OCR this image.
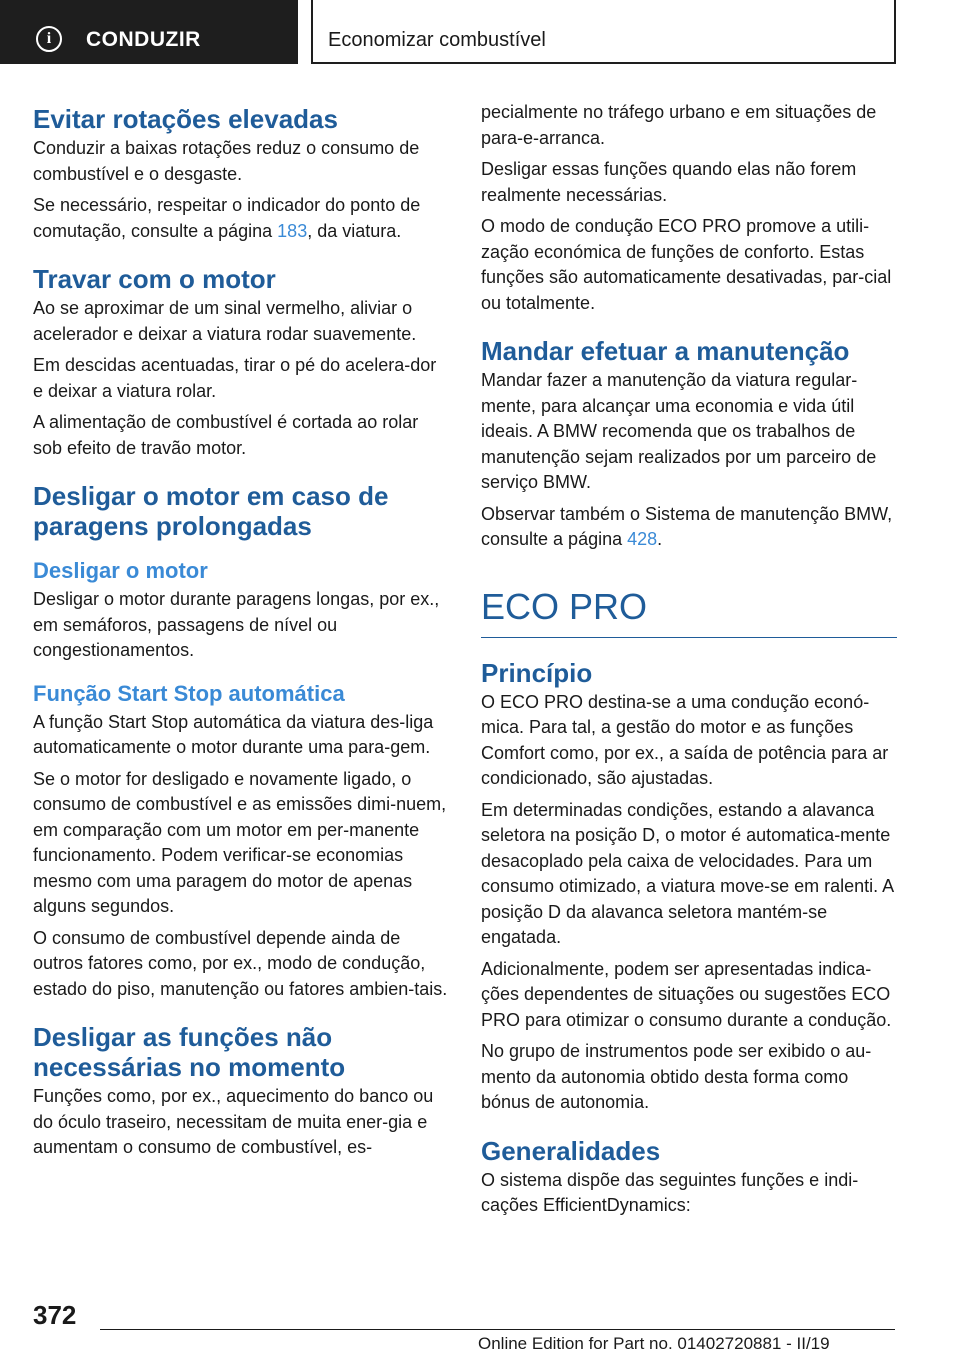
i	CONDUZIR	Economizar combustível
Evitar rotações elevadas

Conduzir a baixas rotações reduz o consumo de combustível e o desgaste.

Se necessário, respeitar o indicador do ponto de comutação, consulte a página 183, da viatura.

Travar com o motor

Ao se aproximar de um sinal vermelho, aliviar o acelerador e deixar a viatura rodar suavemente.

Em descidas acentuadas, tirar o pé do acelera-dor e deixar a viatura rolar.

A alimentação de combustível é cortada ao rolar sob efeito de travão motor.

Desligar o motor em caso de paragens prolongadas
Desligar o motor

Desligar o motor durante paragens longas, por ex., em semáforos, passagens de nível ou congestionamentos.

Função Start Stop automática

A função Start Stop automática da viatura des-liga automaticamente o motor durante uma para-gem.

Se o motor for desligado e novamente ligado, o consumo de combustível e as emissões dimi-nuem, em comparação com um motor em per-manente funcionamento. Podem verificar-se economias mesmo com uma paragem do motor de apenas alguns segundos.

O consumo de combustível depende ainda de outros fatores como, por ex., modo de condução, estado do piso, manutenção ou fatores ambien-tais.

Desligar as funções não necessárias no momento

Funções como, por ex., aquecimento do banco ou do óculo traseiro, necessitam de muita ener-gia e aumentam o consumo de combustível, es-

pecialmente no tráfego urbano e em situações de para-e-arranca.

Desligar essas funções quando elas não forem realmente necessárias.

O modo de condução ECO PRO promove a utili-zação económica de funções de conforto. Estas funções são automaticamente desativadas, par-cial ou totalmente.

Mandar efetuar a manutenção

Mandar fazer a manutenção da viatura regular-mente, para alcançar uma economia e vida útil ideais. A BMW recomenda que os trabalhos de manutenção sejam realizados por um parceiro de serviço BMW.

Observar também o Sistema de manutenção BMW, consulte a página 428.

ECO PRO
Princípio

O ECO PRO destina-se a uma condução econó-mica. Para tal, a gestão do motor e as funções Comfort como, por ex., a saída de potência para ar condicionado, são ajustadas.

Em determinadas condições, estando a alavanca seletora na posição D, o motor é automatica-mente desacoplado pela caixa de velocidades. Para um consumo otimizado, a viatura move-se em ralenti. A posição D da alavanca seletora mantém-se engatada.

Adicionalmente, podem ser apresentadas indica-ções dependentes de situações ou sugestões ECO PRO para otimizar o consumo durante a condução.

No grupo de instrumentos pode ser exibido o au-mento da autonomia obtido desta forma como bónus de autonomia.

Generalidades

O sistema dispõe das seguintes funções e indi-cações EfficientDynamics:

372
Online Edition for Part no. 01402720881 - II/19
